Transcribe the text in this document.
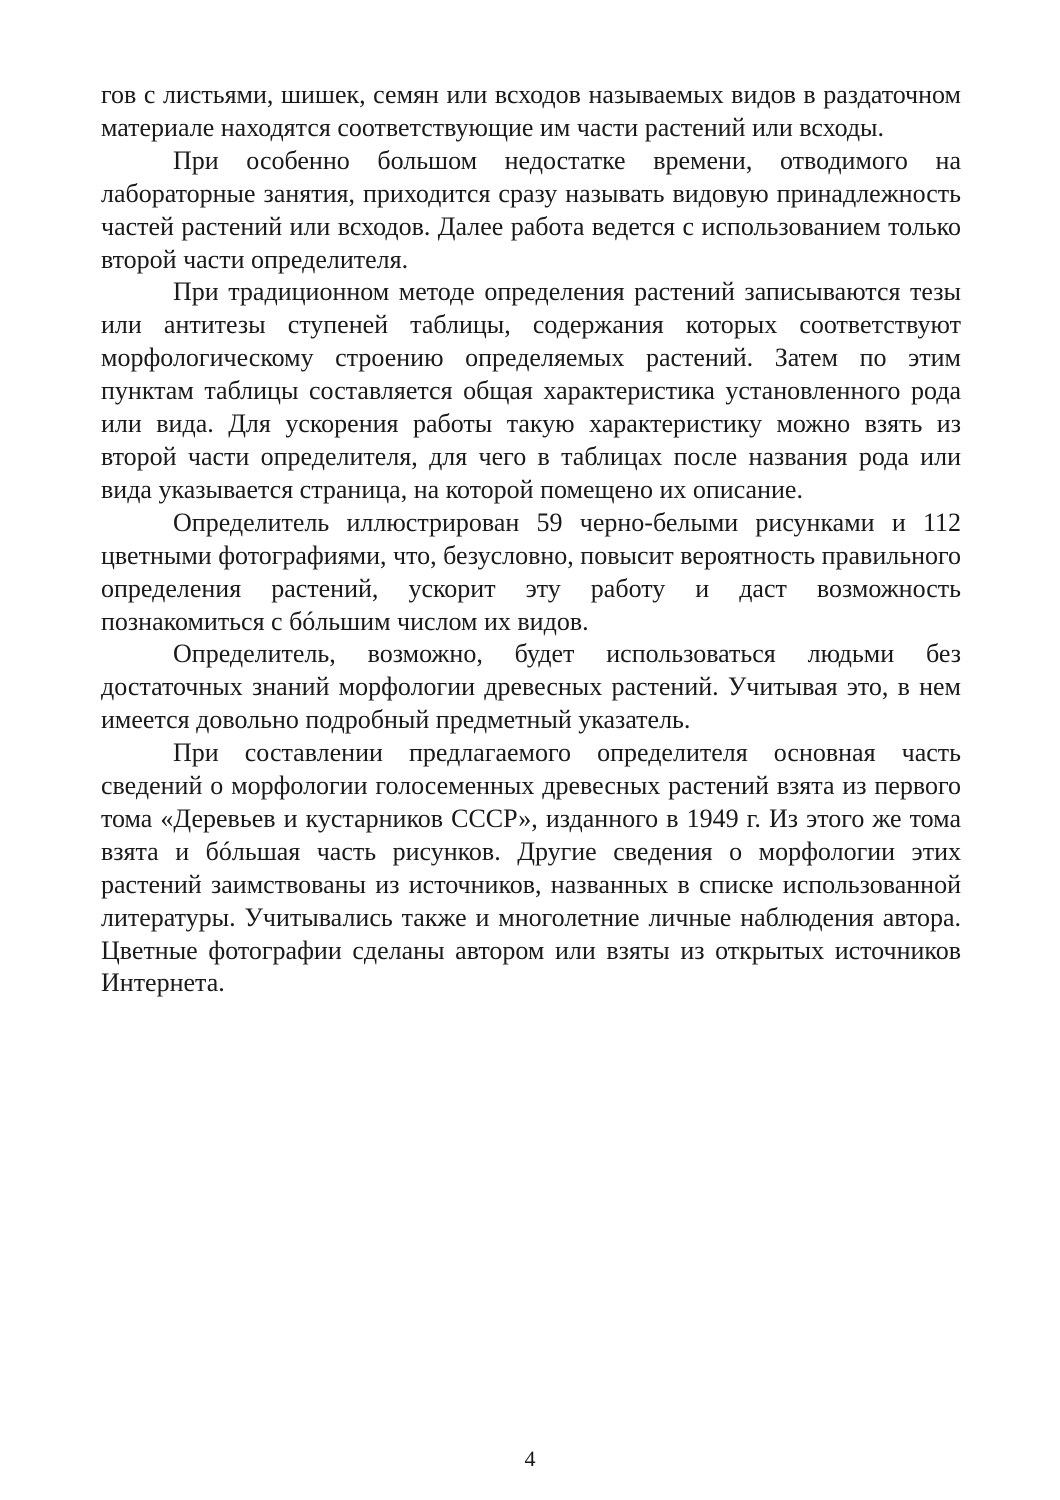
гов с листьями, шишек, семян или всходов называемых видов в раздаточном материале находятся соответствующие им части растений или всходы.

При особенно большом недостатке времени, отводимого на лабораторные занятия, приходится сразу называть видовую принадлежность частей растений или всходов. Далее работа ведется с использованием только второй части определителя.

При традиционном методе определения растений записываются тезы или антитезы ступеней таблицы, содержания которых соответствуют морфологическому строению определяемых растений. Затем по этим пунктам таблицы составляется общая характеристика установленного рода или вида. Для ускорения работы такую характеристику можно взять из второй части определителя, для чего в таблицах после названия рода или вида указывается страница, на которой помещено их описание.

Определитель иллюстрирован 59 черно-белыми рисунками и 112 цветными фотографиями, что, безусловно, повысит вероятность правильного определения растений, ускорит эту работу и даст возможность познакомиться с бóльшим числом их видов.

Определитель, возможно, будет использоваться людьми без достаточных знаний морфологии древесных растений. Учитывая это, в нем имеется довольно подробный предметный указатель.

При составлении предлагаемого определителя основная часть сведений о морфологии голосеменных древесных растений взята из первого тома «Деревьев и кустарников СССР», изданного в 1949 г. Из этого же тома взята и бóльшая часть рисунков. Другие сведения о морфологии этих растений заимствованы из источников, названных в списке использованной литературы. Учитывались также и многолетние личные наблюдения автора. Цветные фотографии сделаны автором или взяты из открытых источников Интернета.

4
